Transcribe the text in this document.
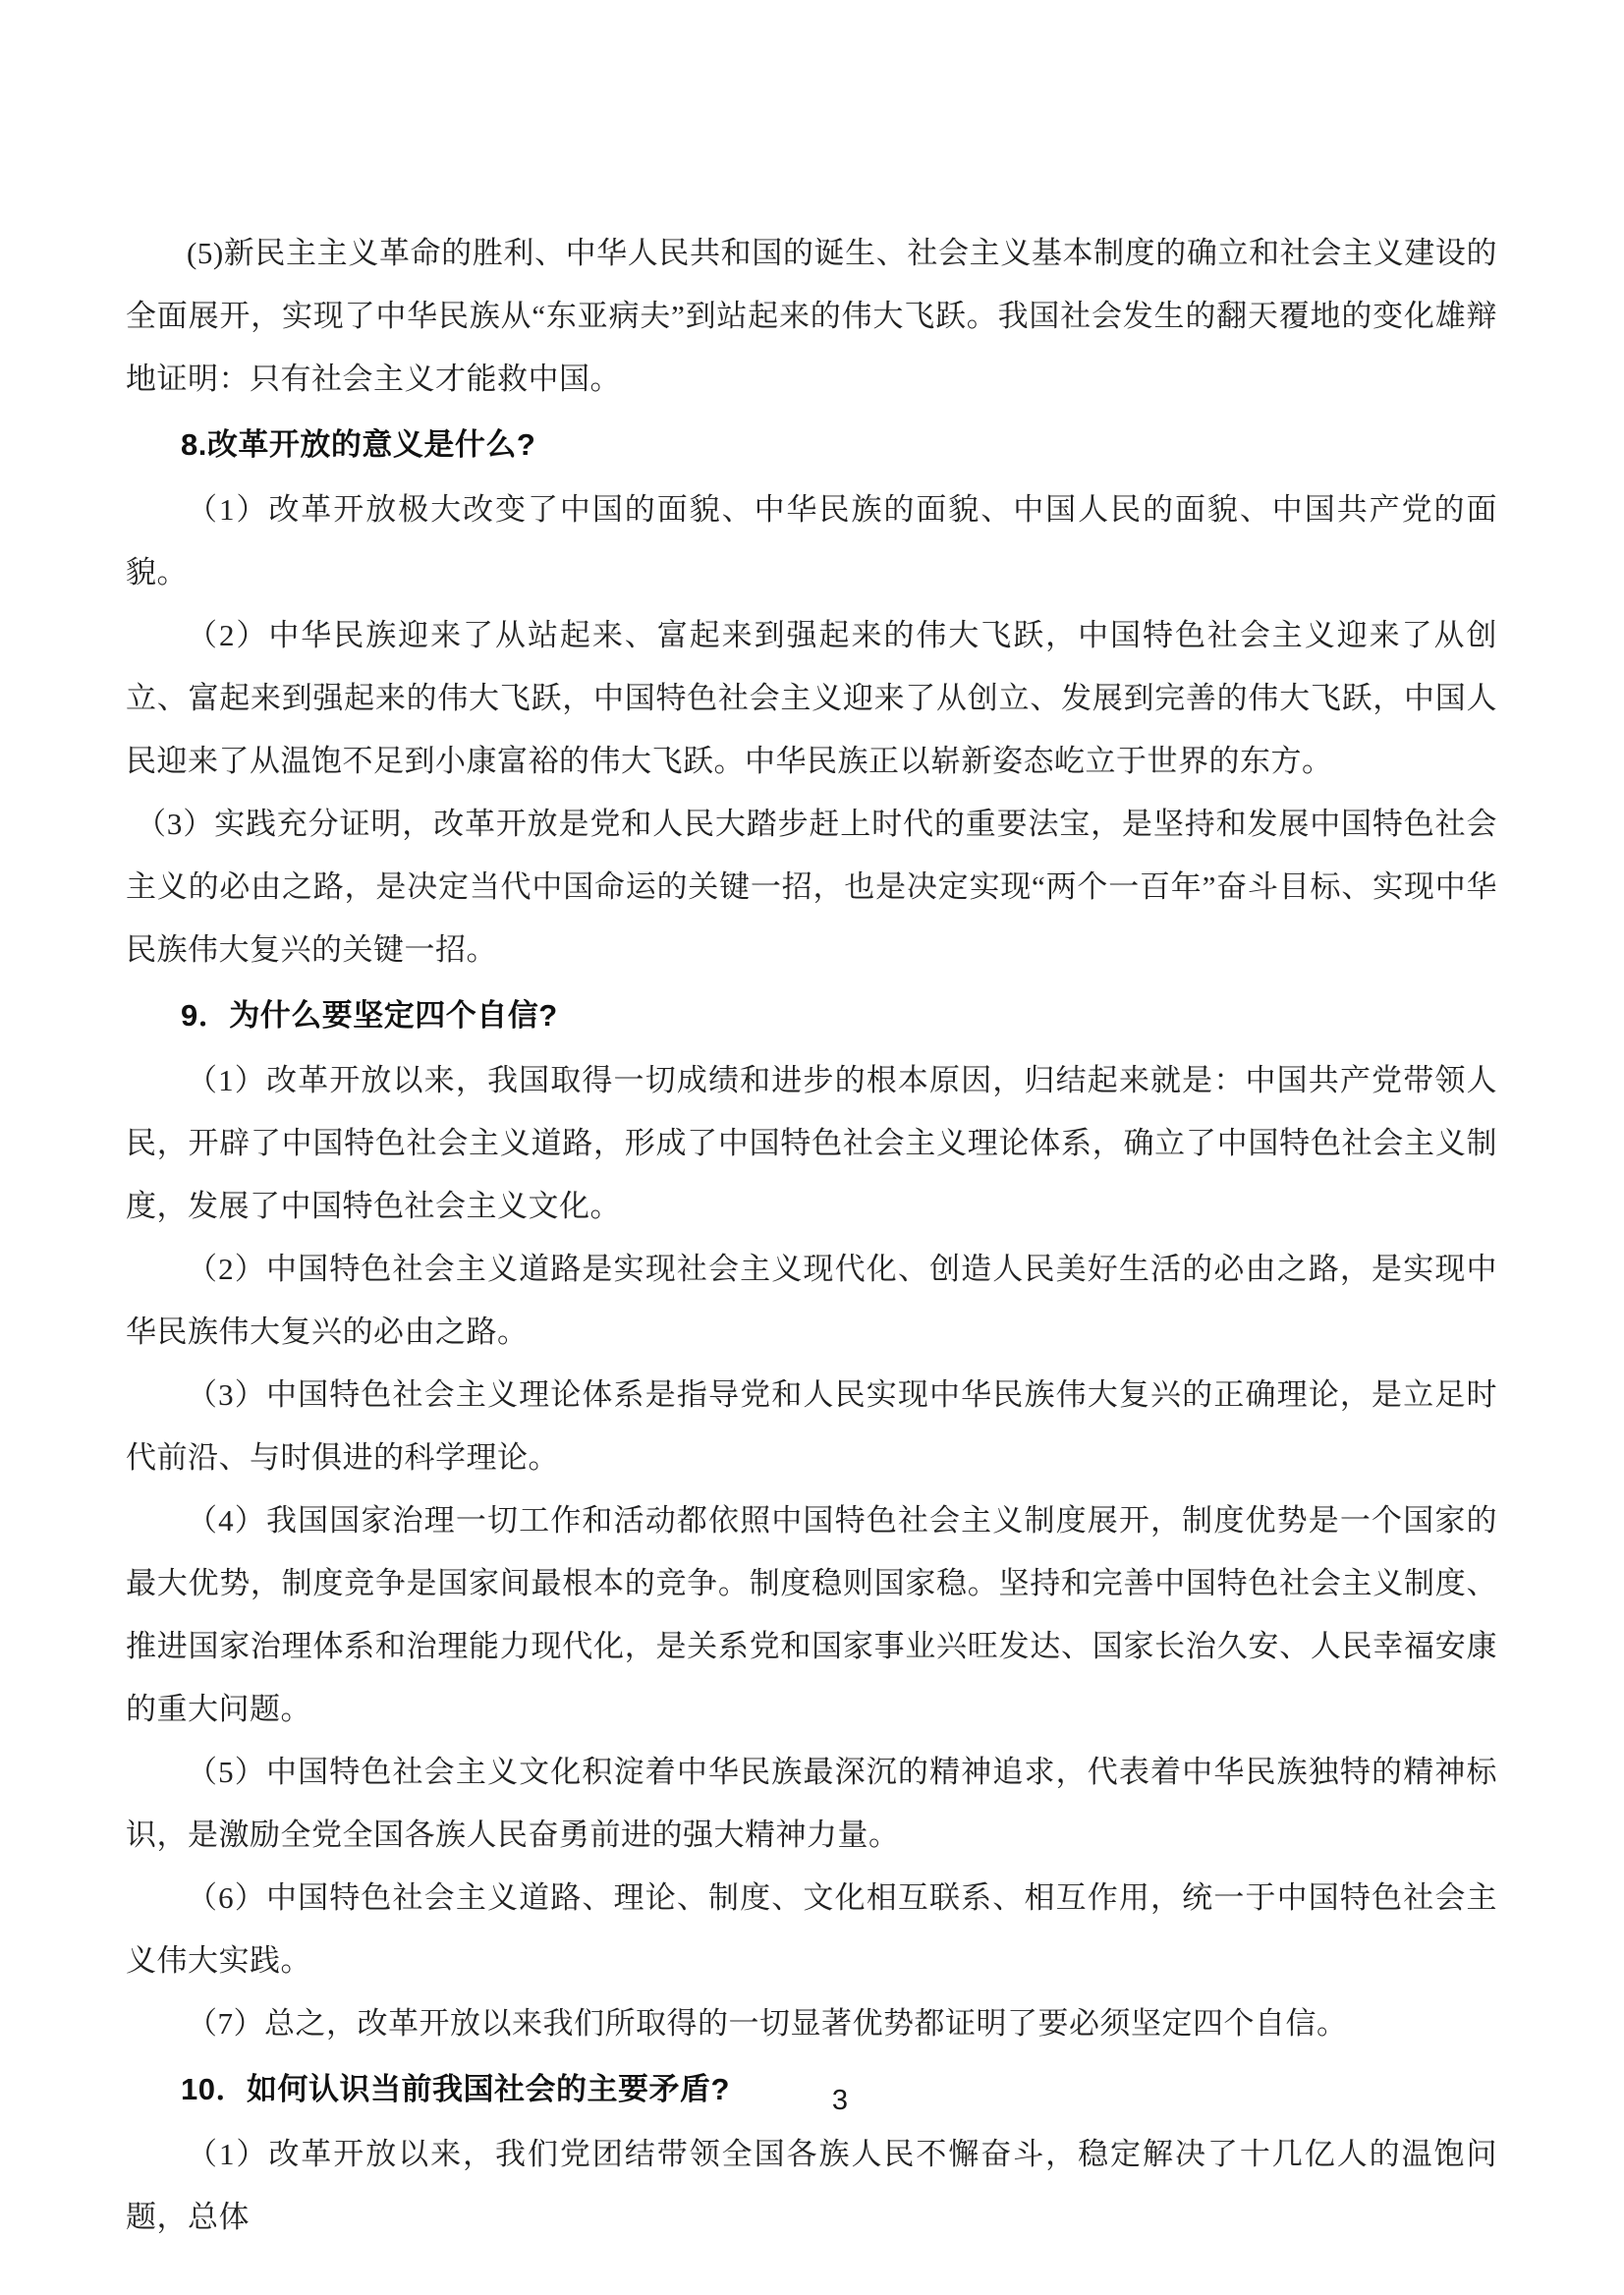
(5)新民主主义革命的胜利、中华人民共和国的诞生、社会主义基本制度的确立和社会主义建设的全面展开，实现了中华民族从“东亚病夫”到站起来的伟大飞跃。我国社会发生的翻天覆地的变化雄辩地证明：只有社会主义才能救中国。

8.改革开放的意义是什么?

（1）改革开放极大改变了中国的面貌、中华民族的面貌、中国人民的面貌、中国共产党的面貌。

（2）中华民族迎来了从站起来、富起来到强起来的伟大飞跃，中国特色社会主义迎来了从创立、富起来到强起来的伟大飞跃，中国特色社会主义迎来了从创立、发展到完善的伟大飞跃，中国人民迎来了从温饱不足到小康富裕的伟大飞跃。中华民族正以崭新姿态屹立于世界的东方。

（3）实践充分证明，改革开放是党和人民大踏步赶上时代的重要法宝，是坚持和发展中国特色社会主义的必由之路，是决定当代中国命运的关键一招，也是决定实现“两个一百年”奋斗目标、实现中华民族伟大复兴的关键一招。

9．为什么要坚定四个自信?

（1）改革开放以来，我国取得一切成绩和进步的根本原因，归结起来就是：中国共产党带领人民，开辟了中国特色社会主义道路，形成了中国特色社会主义理论体系，确立了中国特色社会主义制度，发展了中国特色社会主义文化。

（2）中国特色社会主义道路是实现社会主义现代化、创造人民美好生活的必由之路，是实现中华民族伟大复兴的必由之路。

（3）中国特色社会主义理论体系是指导党和人民实现中华民族伟大复兴的正确理论，是立足时代前沿、与时俱进的科学理论。

（4）我国国家治理一切工作和活动都依照中国特色社会主义制度展开，制度优势是一个国家的最大优势，制度竞争是国家间最根本的竞争。制度稳则国家稳。坚持和完善中国特色社会主义制度、推进国家治理体系和治理能力现代化，是关系党和国家事业兴旺发达、国家长治久安、人民幸福安康的重大问题。

（5）中国特色社会主义文化积淀着中华民族最深沉的精神追求，代表着中华民族独特的精神标识，是激励全党全国各族人民奋勇前进的强大精神力量。

（6）中国特色社会主义道路、理论、制度、文化相互联系、相互作用，统一于中国特色社会主义伟大实践。

（7）总之，改革开放以来我们所取得的一切显著优势都证明了要必须坚定四个自信。

10．如何认识当前我国社会的主要矛盾?

（1）改革开放以来，我们党团结带领全国各族人民不懈奋斗，稳定解决了十几亿人的温饱问题，总体

3
